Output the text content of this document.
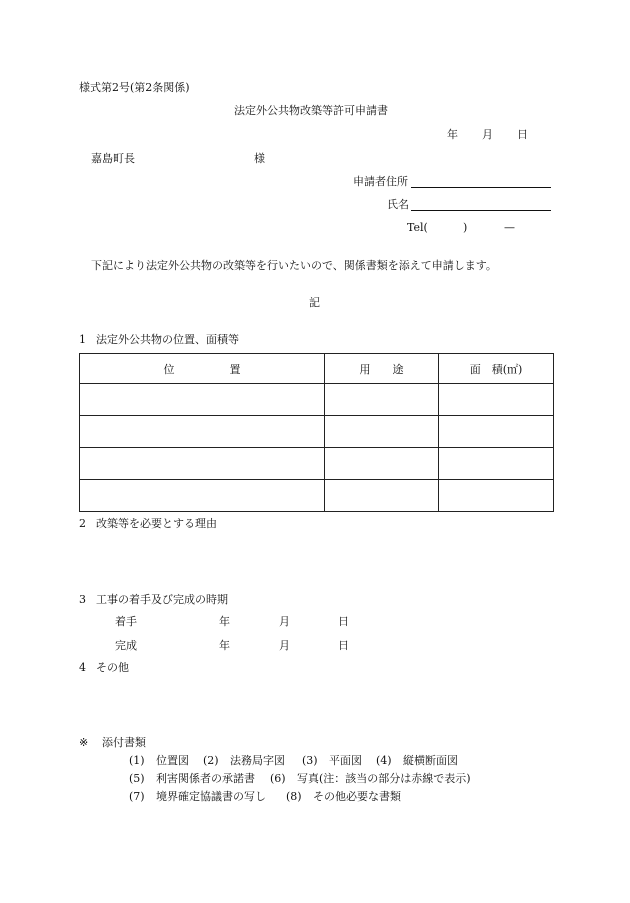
様式第2号(第2条関係)
法定外公共物改築等許可申請書
年 月 日
嘉島町長	様
申請者住所
氏名
Tel(	)	—
下記により法定外公共物の改築等を行いたいので、関係書類を添えて申請します。
記
1 法定外公共物の位置、面積等
位　　　　　置	用　　途	面　積(㎡)

2 改築等を必要とする理由
3 工事の着手及び完成の時期
着手	年	月	日
完成	年	月	日
4 その他
※ 添付書類
(1) 位置図 (2) 法務局字図 (3) 平面図 (4) 縦横断面図
(5) 利害関係者の承諾書 (6) 写真(注：該当の部分は赤線で表示)
(7) 境界確定協議書の写し (8) その他必要な書類
